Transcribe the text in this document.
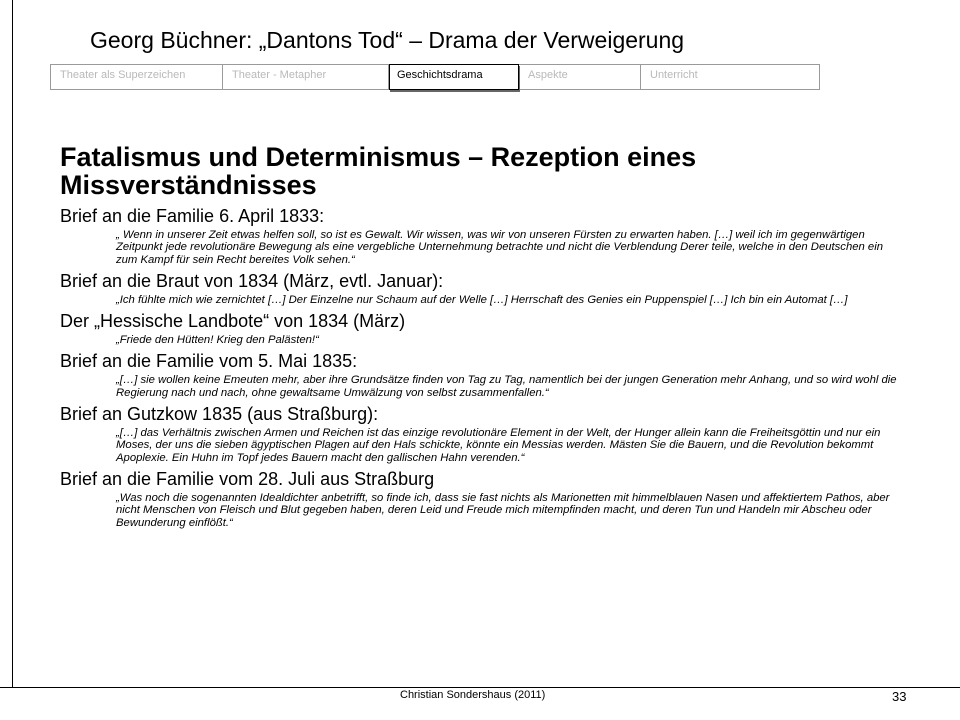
Georg Büchner: „Dantons Tod“ – Drama der Verweigerung
Theater als Superzeichen	Theater - Metapher	Geschichtsdrama	Aspekte	Unterricht
Fatalismus und Determinismus – Rezeption eines Missverständnisses
Brief an die Familie 6. April 1833:
„ Wenn in unserer Zeit etwas helfen soll, so ist es Gewalt. Wir wissen, was wir von unseren Fürsten zu erwarten haben. […] weil ich im gegenwärtigen Zeitpunkt jede revolutionäre Bewegung als eine vergebliche Unternehmung betrachte und nicht die Verblendung Derer teile, welche in den Deutschen ein zum Kampf für sein Recht bereites Volk sehen.“
Brief an die Braut von 1834 (März, evtl. Januar):
„Ich fühlte mich wie zernichtet […] Der Einzelne nur Schaum auf der Welle […] Herrschaft des Genies ein Puppenspiel […] Ich bin ein Automat […]
Der „Hessische Landbote“ von 1834 (März)
„Friede den Hütten! Krieg den Palästen!“
Brief an die Familie vom 5. Mai 1835:
„[…] sie wollen keine Emeuten mehr, aber ihre Grundsätze finden von Tag zu Tag, namentlich bei der jungen Generation mehr Anhang, und so wird wohl die Regierung nach und nach, ohne gewaltsame Umwälzung von selbst zusammenfallen.“
Brief an Gutzkow 1835 (aus Straßburg):
„[…] das Verhältnis zwischen Armen und Reichen ist das einzige revolutionäre Element in der Welt, der Hunger allein kann die Freiheitsgöttin und nur ein Moses, der uns die sieben ägyptischen Plagen auf den Hals schickte, könnte ein Messias werden. Mästen Sie die Bauern, und die Revolution bekommt Apoplexie. Ein Huhn im Topf jedes Bauern macht den gallischen Hahn verenden.“
Brief an die Familie vom 28. Juli aus Straßburg
„Was noch die sogenannten Idealdichter anbetrifft, so finde ich, dass sie fast nichts als Marionetten mit himmelblauen Nasen und affektiertem Pathos, aber nicht Menschen von Fleisch und Blut gegeben haben, deren Leid und Freude mich mitempfinden macht, und deren Tun und Handeln mir Abscheu oder Bewunderung einflößt.“
Christian Sondershaus (2011)	33
